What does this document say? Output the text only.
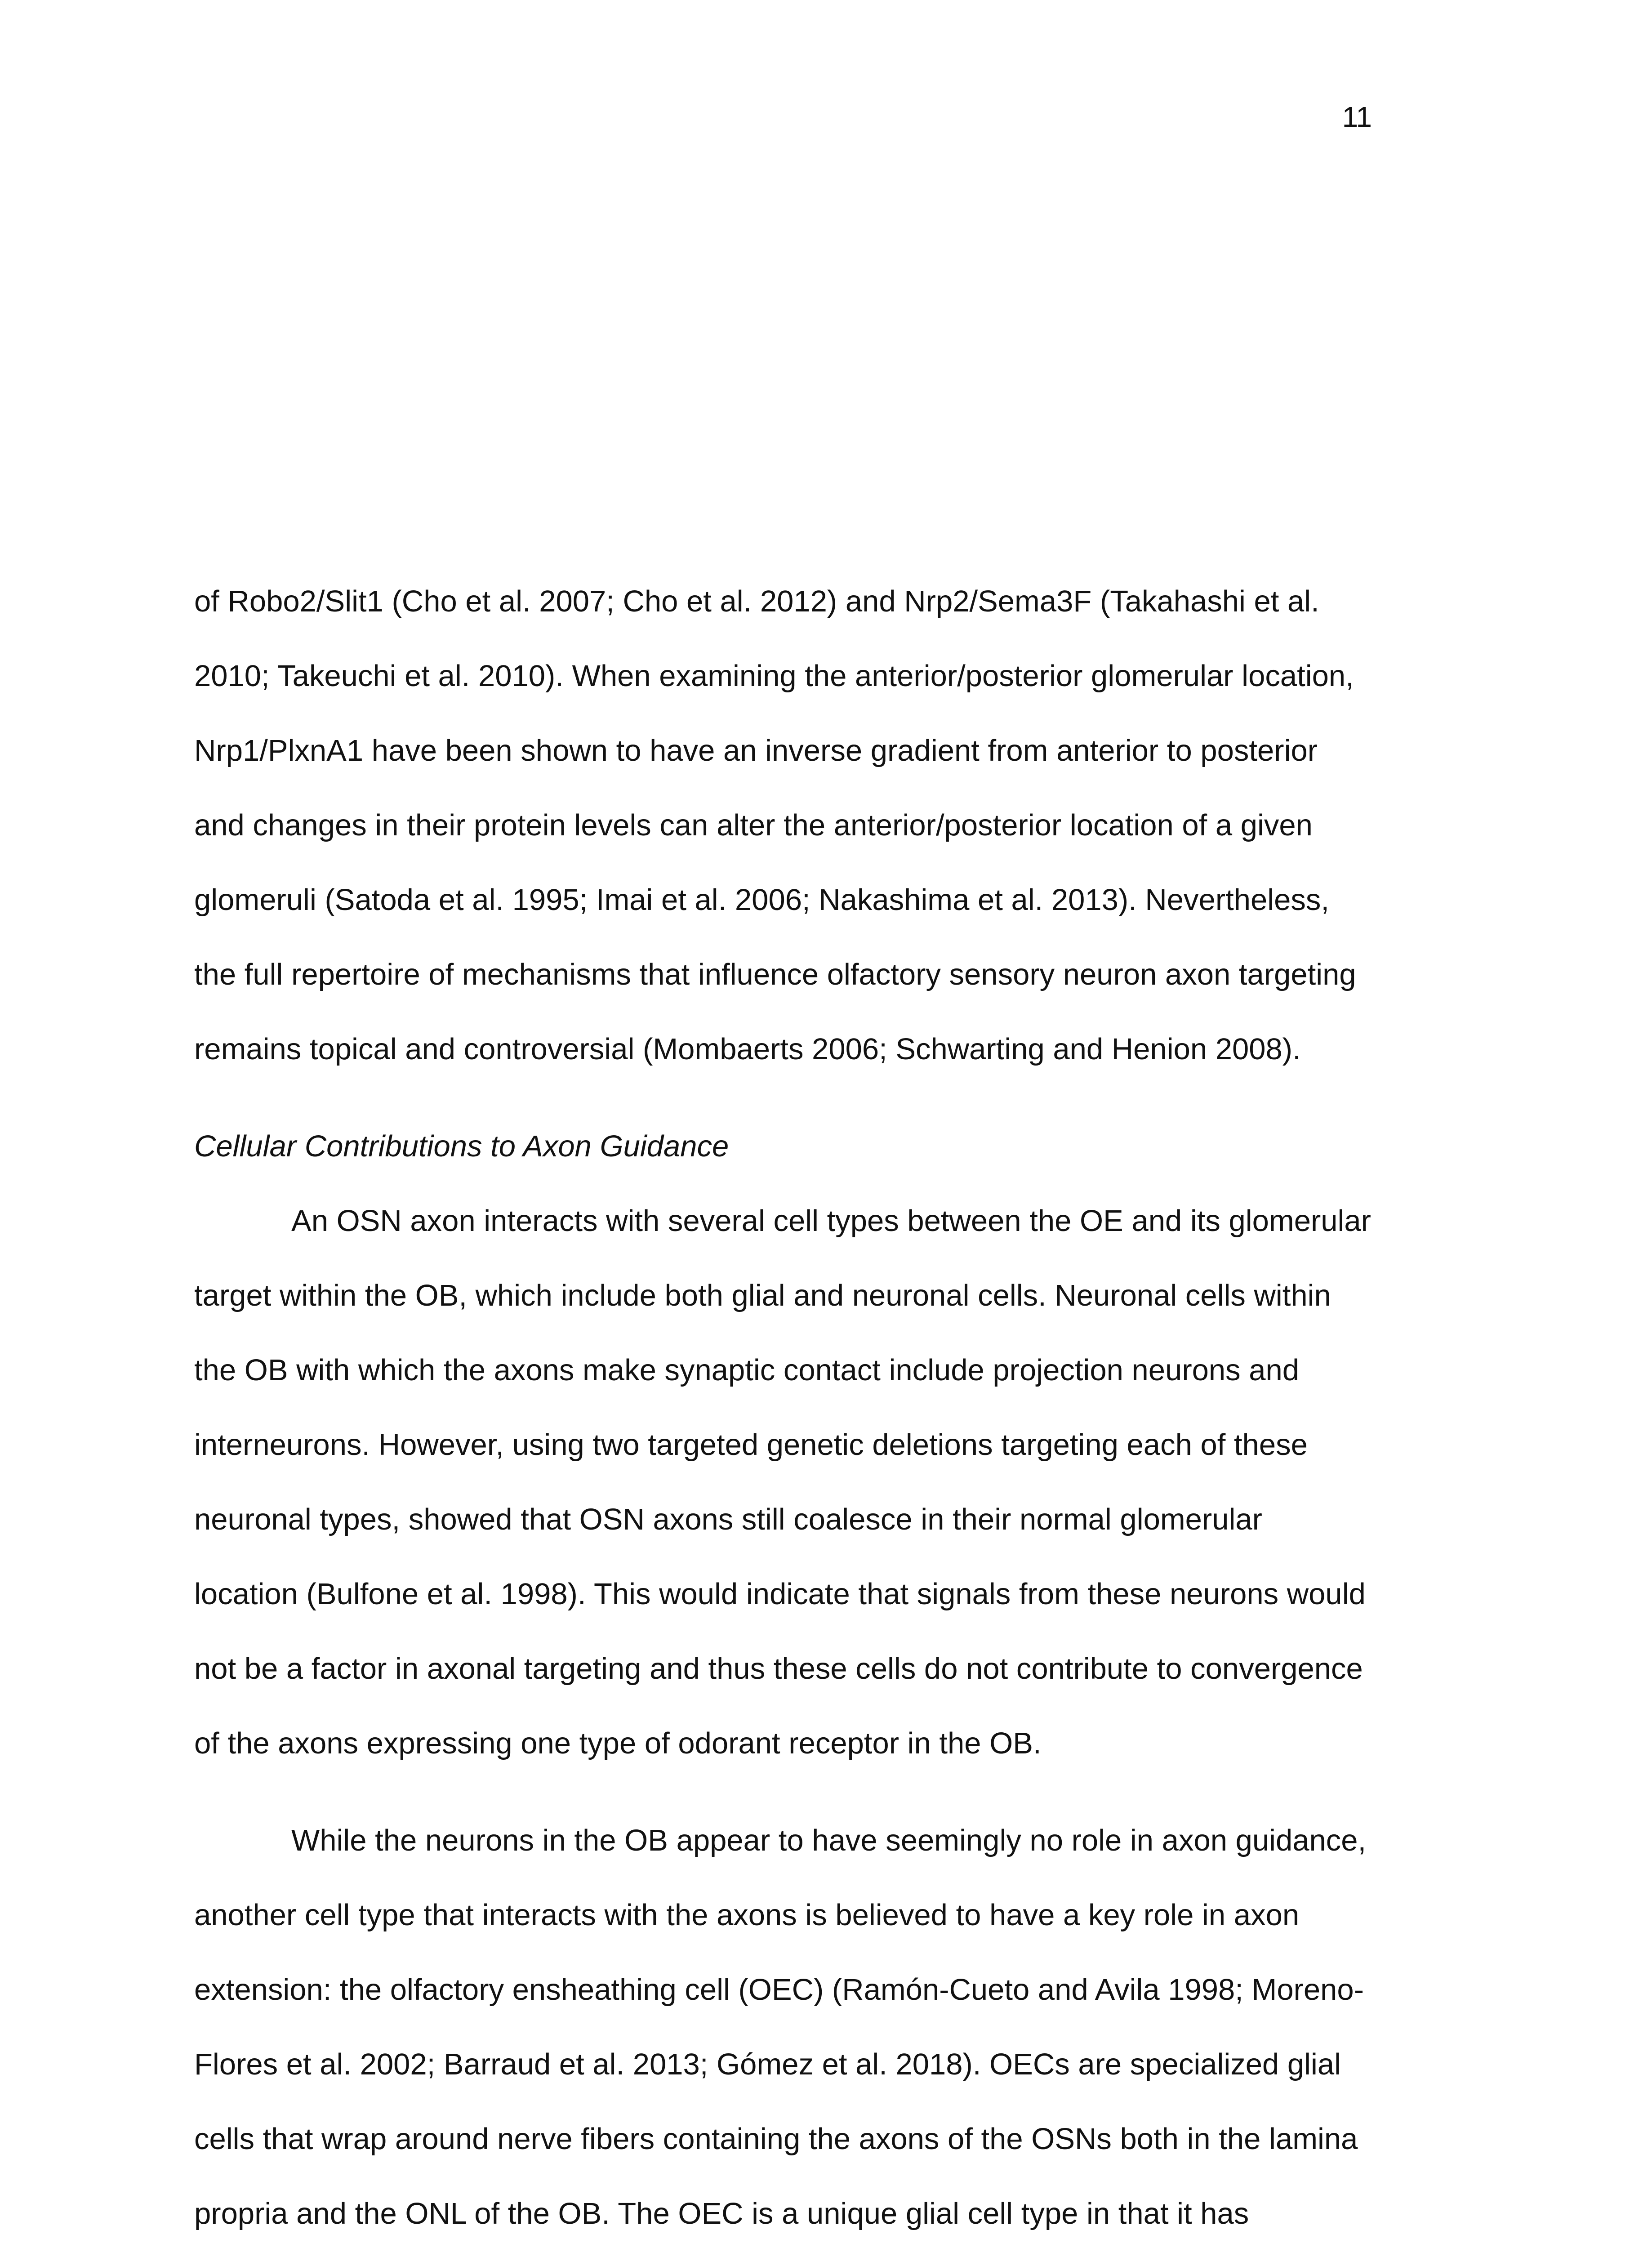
11
of Robo2/Slit1 (Cho et al. 2007; Cho et al. 2012) and Nrp2/Sema3F (Takahashi et al.
2010; Takeuchi et al. 2010). When examining the anterior/posterior glomerular location,
Nrp1/PlxnA1 have been shown to have an inverse gradient from anterior to posterior
and changes in their protein levels can alter the anterior/posterior location of a given
glomeruli (Satoda et al. 1995; Imai et al. 2006; Nakashima et al. 2013). Nevertheless,
the full repertoire of mechanisms that influence olfactory sensory neuron axon targeting
remains topical and controversial (Mombaerts 2006; Schwarting and Henion 2008).
Cellular Contributions to Axon Guidance
An OSN axon interacts with several cell types between the OE and its glomerular
target within the OB, which include both glial and neuronal cells. Neuronal cells within
the OB with which the axons make synaptic contact include projection neurons and
interneurons. However, using two targeted genetic deletions targeting each of these
neuronal types, showed that OSN axons still coalesce in their normal glomerular
location (Bulfone et al. 1998). This would indicate that signals from these neurons would
not be a factor in axonal targeting and thus these cells do not contribute to convergence
of the axons expressing one type of odorant receptor in the OB.
While the neurons in the OB appear to have seemingly no role in axon guidance,
another cell type that interacts with the axons is believed to have a key role in axon
extension: the olfactory ensheathing cell (OEC) (Ramón-Cueto and Avila 1998; Moreno-
Flores et al. 2002; Barraud et al. 2013; Gómez et al. 2018). OECs are specialized glial
cells that wrap around nerve fibers containing the axons of the OSNs both in the lamina
propria and the ONL of the OB. The OEC is a unique glial cell type in that it has
